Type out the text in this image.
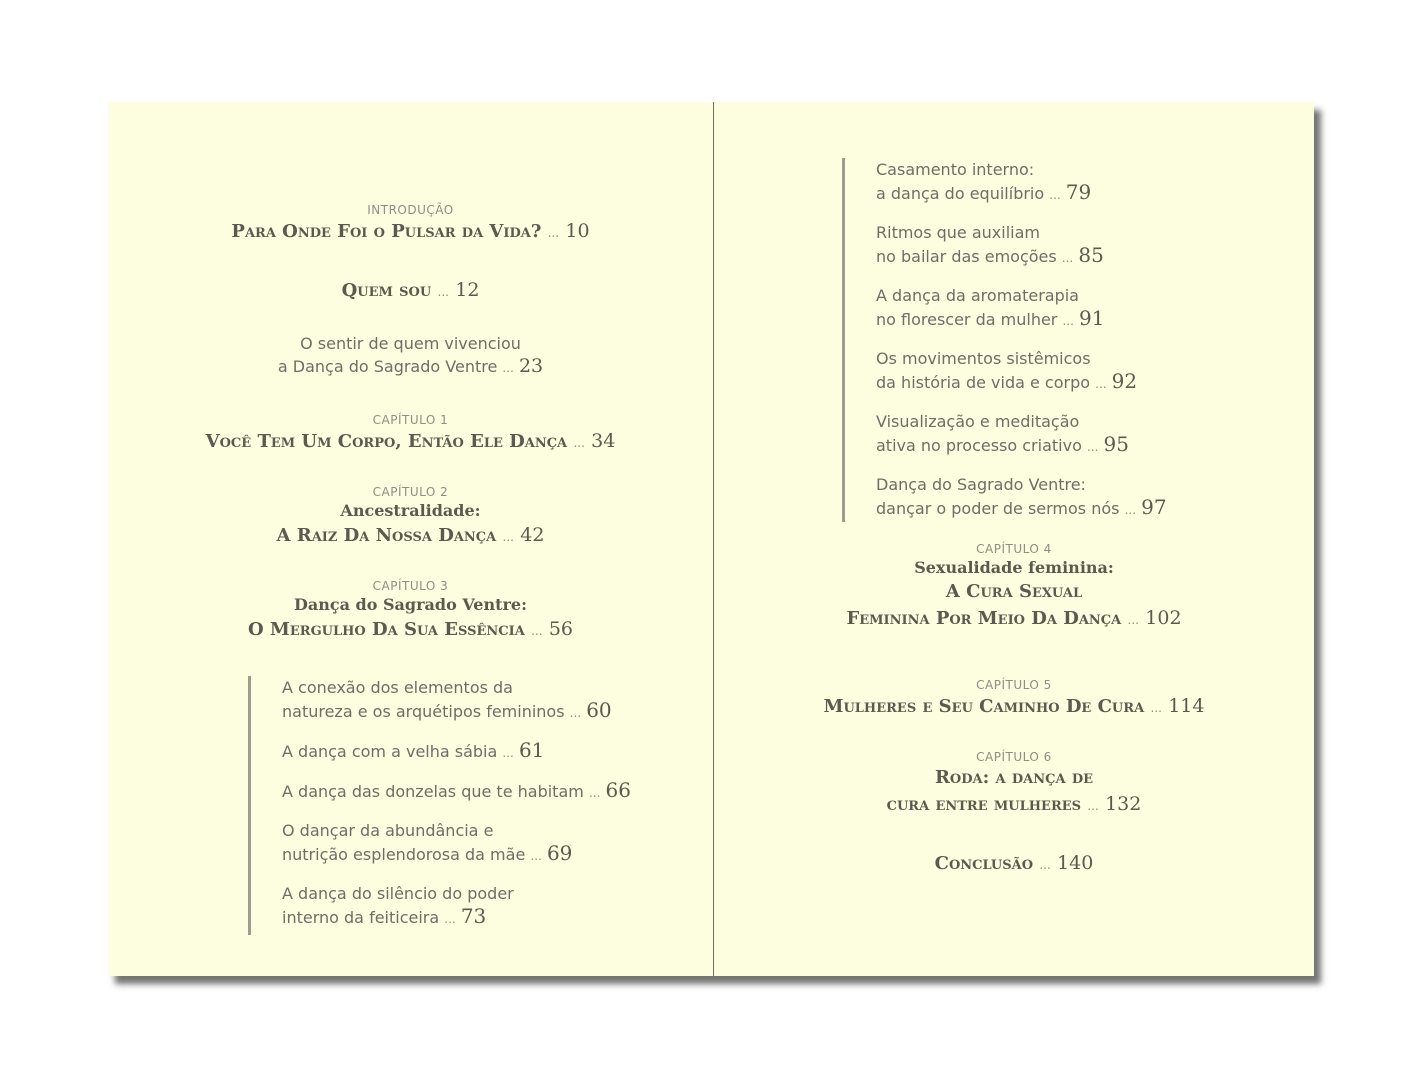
INTRODUÇÃO
Para Onde Foi o Pulsar da Vida? ... 10
Quem sou ... 12
O sentir de quem vivenciou
a Dança do Sagrado Ventre ... 23
CAPÍTULO 1
Você Tem Um Corpo, Então Ele Dança ... 34
CAPÍTULO 2
Ancestralidade:
A Raiz Da Nossa Dança ... 42
CAPÍTULO 3
Dança do Sagrado Ventre:
O Mergulho Da Sua Essência ... 56
A conexão dos elementos da
natureza e os arquétipos femininos ... 60
A dança com a velha sábia ... 61
A dança das donzelas que te habitam ... 66
O dançar da abundância e
nutrição esplendorosa da mãe ... 69
A dança do silêncio do poder
interno da feiticeira ... 73
Casamento interno:
a dança do equilíbrio ... 79
Ritmos que auxiliam
no bailar das emoções ... 85
A dança da aromaterapia
no florescer da mulher ... 91
Os movimentos sistêmicos
da história de vida e corpo ... 92
Visualização e meditação
ativa no processo criativo ... 95
Dança do Sagrado Ventre:
dançar o poder de sermos nós ... 97
CAPÍTULO 4
Sexualidade feminina:
A Cura Sexual
Feminina Por Meio Da Dança ... 102
CAPÍTULO 5
Mulheres e Seu Caminho De Cura ... 114
CAPÍTULO 6
Roda: a dança de
cura entre mulheres ... 132
Conclusão ... 140
